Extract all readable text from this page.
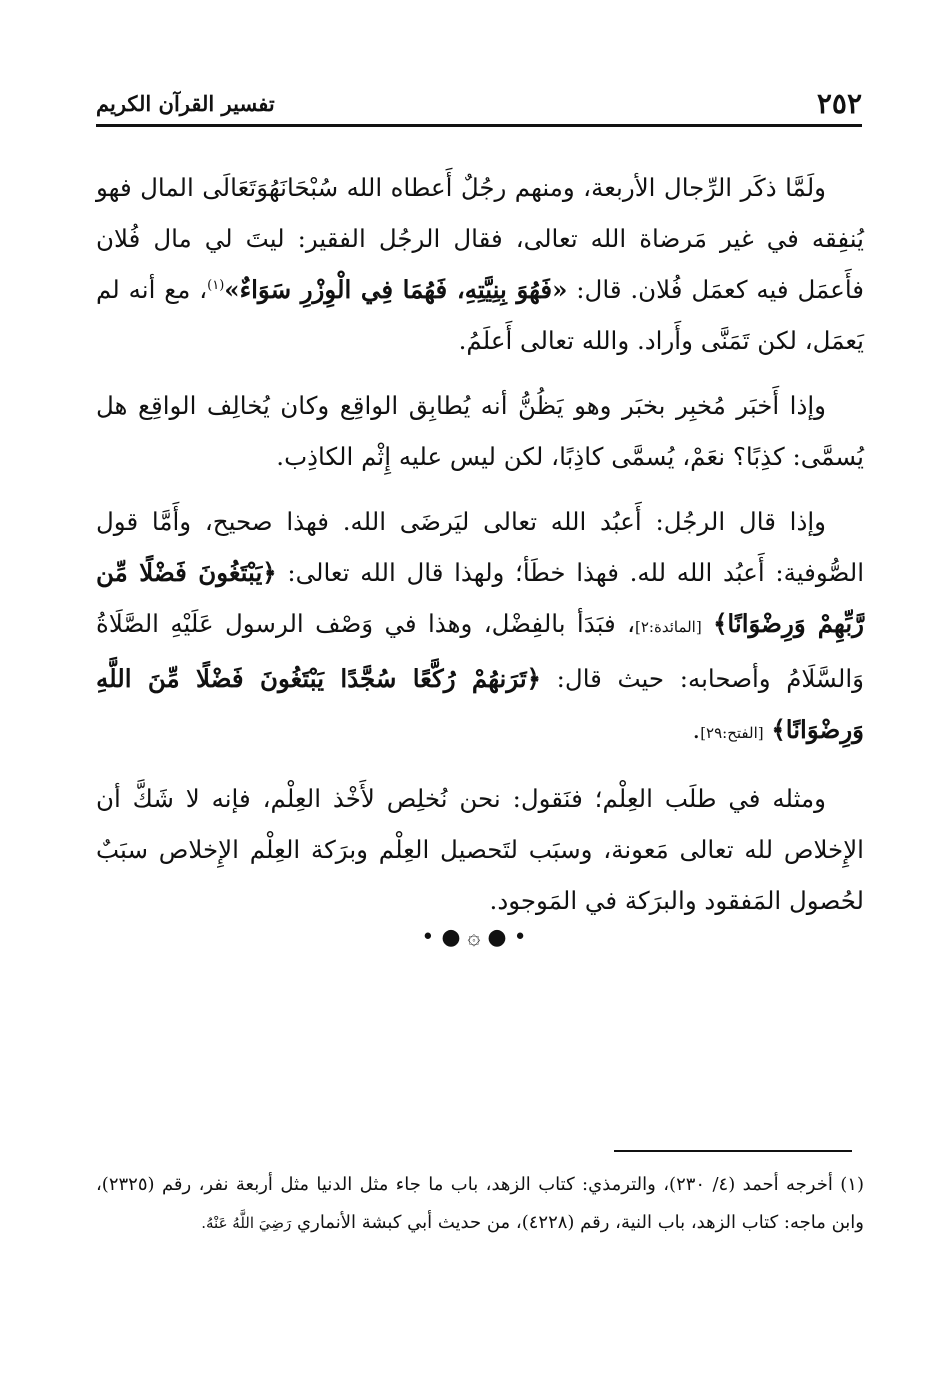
٢٥٢
تفسير القرآن الكريم

ولَمَّا ذكَر الرِّجال الأربعة، ومنهم رجُلٌ أَعطاه الله سُبْحَانَهُوَتَعَالَى المال فهو يُنفِقه في غير مَرضاة الله تعالى، فقال الرجُل الفقير: ليتَ لي مال فُلان فأَعمَل فيه كعمَل فُلان. قال: «فَهُوَ بِنِيَّتِهِ، فَهُمَا فِي الْوِزْرِ سَوَاءٌ»$^{(١)}$، مع أنه لم يَعمَل، لكن تَمَنَّى وأَراد. والله تعالى أَعلَمُ.

وإذا أَخبَر مُخبِر بخبَر وهو يَظُنُّ أنه يُطابِق الواقِع وكان يُخالِف الواقِع هل يُسمَّى: كذِبًا؟ نعَمْ، يُسمَّى كاذِبًا، لكن ليس عليه إِثْم الكاذِب.

وإذا قال الرجُل: أَعبُد الله تعالى ليَرضَى الله. فهذا صحيح، وأَمَّا قول الصُّوفية: أَعبُد الله لله. فهذا خطَأ؛ ولهذا قال الله تعالى: ﴿يَبْتَغُونَ فَضْلًا مِّن رَّبِّهِمْ وَرِضْوَانًا﴾ [المائدة:٢]، فبَدَأ بالفِضْل، وهذا في وَصْف الرسول عَلَيْهِ الصَّلَاةُ وَالسَّلَامُ وأصحابه: حيث قال: ﴿تَرَنهُمْ رُكَّعًا سُجَّدًا يَبْتَغُونَ فَضْلًا مِّنَ اللَّهِ وَرِضْوَانًا﴾ [الفتح:٢٩].

ومثله في طلَب العِلْم؛ فنَقول: نحن نُخلِص لأَخْذ العِلْم، فإنه لا شَكَّ أن الإِخلاص لله تعالى مَعونة، وسبَب لتَحصيل العِلْم وبرَكة العِلْم الإِخلاص سبَبٌ لحُصول المَفقود والبرَكة في المَوجود.

• ● ۞ ● •

(١) أخرجه أحمد (٤/ ٢٣٠)، والترمذي: كتاب الزهد، باب ما جاء مثل الدنيا مثل أربعة نفر، رقم (٢٣٢٥)، وابن ماجه: كتاب الزهد، باب النية، رقم (٤٢٢٨)، من حديث أبي كبشة الأنماري رَضِيَ اللَّهُ عَنْهُ.
